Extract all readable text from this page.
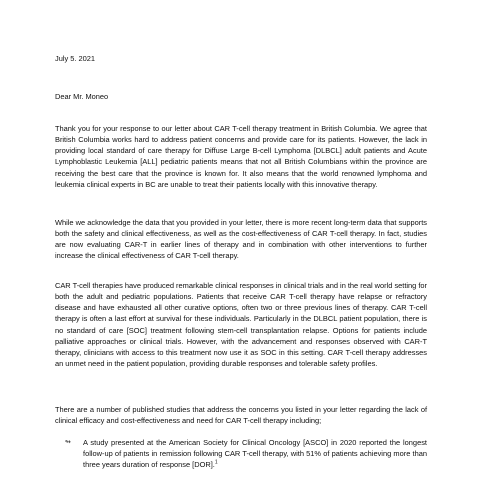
July 5. 2021

Dear Mr. Moneo

Thank you for your response to our letter about CAR T-cell therapy treatment in British Columbia. We agree that British Columbia works hard to address patient concerns and provide care for its patients. However, the lack in providing local standard of care therapy for Diffuse Large B-cell Lymphoma [DLBCL] adult patients and Acute Lymphoblastic Leukemia [ALL] pediatric patients means that not all British Columbians within the province are receiving the best care that the province is known for. It also means that the world renowned lymphoma and leukemia clinical experts in BC are unable to treat their patients locally with this innovative therapy.

While we acknowledge the data that you provided in your letter, there is more recent long-term data that supports both the safety and clinical effectiveness, as well as the cost-effectiveness of CAR T-cell therapy. In fact, studies are now evaluating CAR-T in earlier lines of therapy and in combination with other interventions to further increase the clinical effectiveness of CAR T-cell therapy.

CAR T-cell therapies have produced remarkable clinical responses in clinical trials and in the real world setting for both the adult and pediatric populations. Patients that receive CAR T-cell therapy have relapse or refractory disease and have exhausted all other curative options, often two or three previous lines of therapy. CAR T-cell therapy is often a last effort at survival for these individuals. Particularly in the DLBCL patient population, there is no standard of care [SOC] treatment following stem-cell transplantation relapse. Options for patients include palliative approaches or clinical trials. However, with the advancement and responses observed with CAR-T therapy, clinicians with access to this treatment now use it as SOC in this setting. CAR T-cell therapy addresses an unmet need in the patient population, providing durable responses and tolerable safety profiles.

There are a number of published studies that address the concerns you listed in your letter regarding the lack of clinical efficacy and cost-effectiveness and need for CAR T-cell therapy including;

↬ A study presented at the American Society for Clinical Oncology [ASCO] in 2020 reported the longest follow-up of patients in remission following CAR T-cell therapy, with 51% of patients achieving more than three years duration of response [DOR].$^1$
